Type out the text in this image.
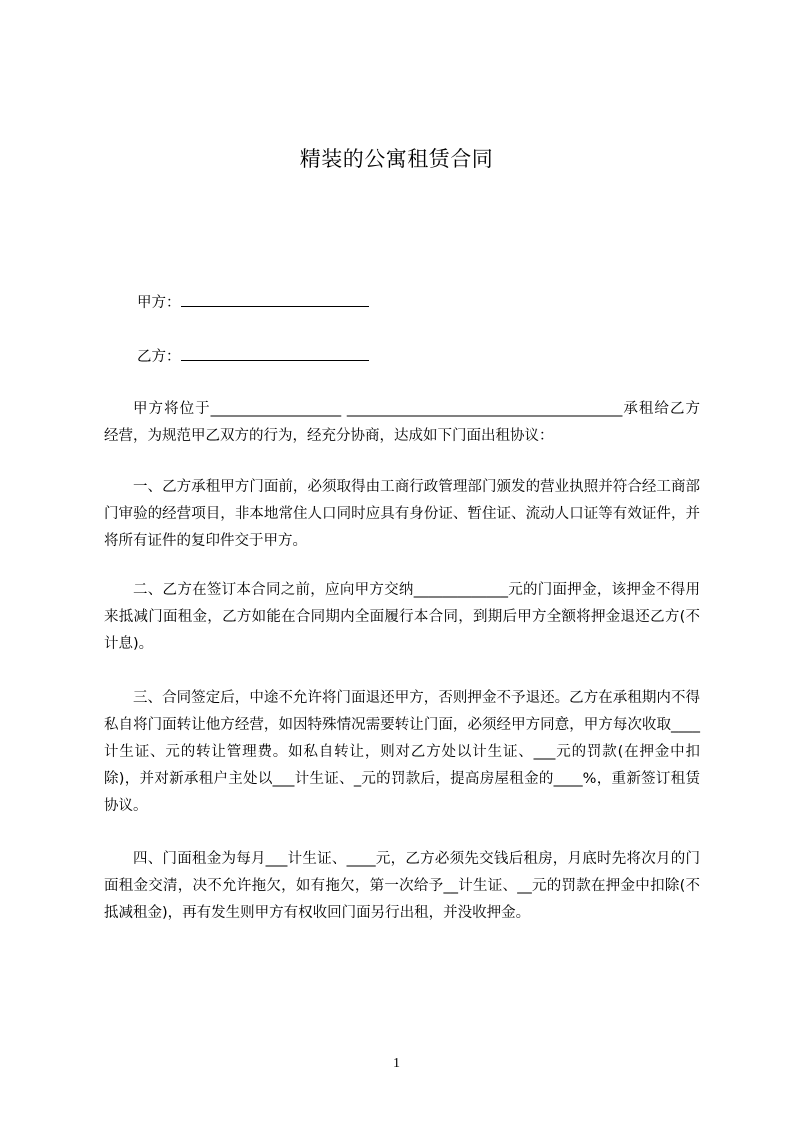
精装的公寓租赁合同
甲方：
乙方：

甲方将位于__________________ ______________________________________承租给乙方经营，为规范甲乙双方的行为，经充分协商，达成如下门面出租协议：

一、乙方承租甲方门面前，必须取得由工商行政管理部门颁发的营业执照并符合经工商部门审验的经营项目，非本地常住人口同时应具有身份证、暂住证、流动人口证等有效证件，并将所有证件的复印件交于甲方。

二、乙方在签订本合同之前，应向甲方交纳_____________元的门面押金，该押金不得用来抵减门面租金，乙方如能在合同期内全面履行本合同，到期后甲方全额将押金退还乙方(不计息)。

三、合同签定后，中途不允许将门面退还甲方，否则押金不予退还。乙方在承租期内不得私自将门面转让他方经营，如因特殊情况需要转让门面，必须经甲方同意，甲方每次收取____计生证、元的转让管理费。如私自转让，则对乙方处以计生证、___元的罚款(在押金中扣除)，并对新承租户主处以___计生证、_元的罚款后，提高房屋租金的____%，重新签订租赁协议。

四、门面租金为每月___计生证、____元，乙方必须先交钱后租房，月底时先将次月的门面租金交清，决不允许拖欠，如有拖欠，第一次给予__计生证、__元的罚款在押金中扣除(不抵减租金)，再有发生则甲方有权收回门面另行出租，并没收押金。

1
